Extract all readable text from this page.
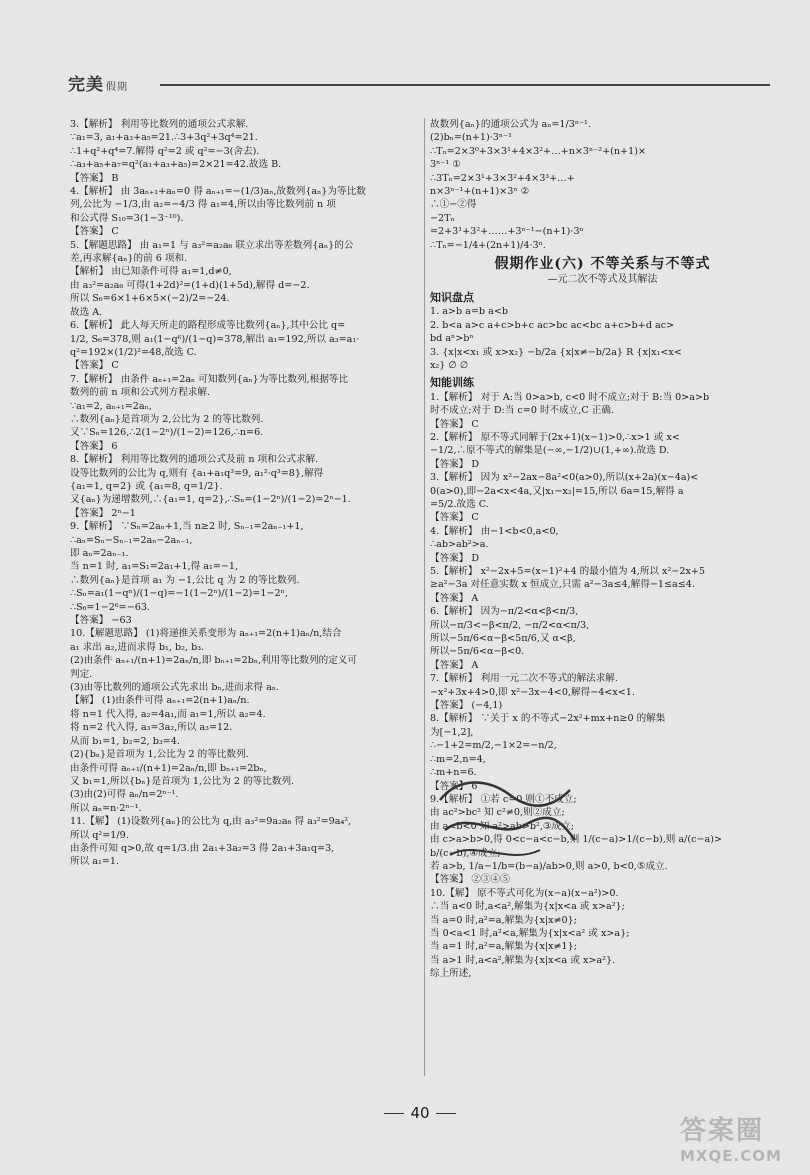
完美 假期

3.【解析】 利用等比数列的通项公式求解.

∵a₁=3, a₁+a₃+a₅=21.∴3+3q²+3q⁴=21.

∴1+q²+q⁴=7.解得 q²=2 或 q²=−3(舍去).

∴a₃+a₅+a₇=q²(a₁+a₃+a₅)=2×21=42.故选 B.

【答案】 B

4.【解析】 由 3aₙ₊₁+aₙ=0 得 aₙ₊₁=−(1/3)aₙ,故数列{aₙ}为等比数

列,公比为 −1/3,由 a₂=−4/3 得 a₁=4,所以由等比数列前 n 项

和公式得 S₁₀=3(1−3⁻¹⁰).

【答案】 C

5.【解题思路】 由 a₁=1 与 a₃²=a₂a₆ 联立求出等差数列{aₙ}的公

差,再求解{aₙ}的前 6 项和.

【解析】 由已知条件可得 a₁=1,d≠0,

由 a₃²=a₂a₆ 可得(1+2d)²=(1+d)(1+5d),解得 d=−2.

所以 S₆=6×1+6×5×(−2)/2=−24.

故选 A.

6.【解析】 此人每天所走的路程形成等比数列{aₙ},其中公比 q=

1/2, S₆=378,则 a₁(1−q⁶)/(1−q)=378,解出 a₁=192,所以 a₃=a₁·

q²=192×(1/2)²=48,故选 C.

【答案】 C

7.【解析】 由条件 aₙ₊₁=2aₙ 可知数列{aₙ}为等比数列,根据等比

数列的前 n 项和公式列方程求解.

∵a₁=2, aₙ₊₁=2aₙ,

∴数列{aₙ}是首项为 2,公比为 2 的等比数列.

又∵Sₙ=126,∴2(1−2ⁿ)/(1−2)=126,∴n=6.

【答案】 6

8.【解析】 利用等比数列的通项公式及前 n 项和公式求解.

设等比数列的公比为 q,则有 {a₁+a₁q³=9, a₁²·q³=8},解得

{a₁=1, q=2} 或 {a₁=8, q=1/2}.

又{aₙ}为递增数列,∴{a₁=1, q=2},∴Sₙ=(1−2ⁿ)/(1−2)=2ⁿ−1.

【答案】 2ⁿ−1

9.【解析】 ∵Sₙ=2aₙ+1,当 n≥2 时, Sₙ₋₁=2aₙ₋₁+1,

∴aₙ=Sₙ−Sₙ₋₁=2aₙ−2aₙ₋₁,

即 aₙ=2aₙ₋₁.

当 n=1 时, a₁=S₁=2a₁+1,得 a₁=−1,

∴数列{aₙ}是首项 a₁ 为 −1,公比 q 为 2 的等比数列.

∴Sₙ=a₁(1−qⁿ)/(1−q)=−1(1−2ⁿ)/(1−2)=1−2ⁿ,

∴S₆=1−2⁶=−63.

【答案】 −63

10.【解题思路】 (1)将递推关系变形为 aₙ₊₁=2(n+1)aₙ/n,结合

a₁ 求出 a₂,进而求得 b₁, b₂, b₃.

(2)由条件 aₙ₊₁/(n+1)=2aₙ/n,即 bₙ₊₁=2bₙ,利用等比数列的定义可

判定.

(3)由等比数列的通项公式先求出 bₙ,进而求得 aₙ.

【解】 (1)由条件可得 aₙ₊₁=2(n+1)aₙ/n.

将 n=1 代入得, a₂=4a₁,而 a₁=1,所以 a₂=4.

将 n=2 代入得, a₃=3a₂,所以 a₃=12.

从而 b₁=1, b₂=2, b₃=4.

(2){bₙ}是首项为 1,公比为 2 的等比数列.

由条件可得 aₙ₊₁/(n+1)=2aₙ/n,即 bₙ₊₁=2bₙ,

又 b₁=1,所以{bₙ}是首项为 1,公比为 2 的等比数列.

(3)由(2)可得 aₙ/n=2ⁿ⁻¹.

所以 aₙ=n·2ⁿ⁻¹.

11.【解】 (1)设数列{aₙ}的公比为 q,由 a₃²=9a₂a₆ 得 a₃²=9a₄²,

所以 q²=1/9.

由条件可知 q>0,故 q=1/3.由 2a₁+3a₂=3 得 2a₁+3a₁q=3,

所以 a₁=1.

故数列{aₙ}的通项公式为 aₙ=1/3ⁿ⁻¹.

(2)bₙ=(n+1)·3ⁿ⁻¹

∴Tₙ=2×3⁰+3×3¹+4×3²+…+n×3ⁿ⁻²+(n+1)×

3ⁿ⁻¹ ①

∴3Tₙ=2×3¹+3×3²+4×3³+…+

n×3ⁿ⁻¹+(n+1)×3ⁿ ②

∴①−②得

−2Tₙ

=2+3¹+3²+……+3ⁿ⁻¹−(n+1)·3ⁿ

∴Tₙ=−1/4+(2n+1)/4·3ⁿ.

假期作业(六) 不等关系与不等式
—元二次不等式及其解法
知识盘点

1. a>b a=b a<b

2. b<a a>c a+c>b+c ac>bc ac<bc a+c>b+d ac>

bd aⁿ>bⁿ

3. {x|x<x₁ 或 x>x₂} −b/2a {x|x≠−b/2a} R {x|x₁<x<

x₂} ∅ ∅

知能训练

1.【解析】 对于 A:当 0>a>b, c<0 时不成立;对于 B:当 0>a>b

时不成立;对于 D:当 c=0 时不成立,C 正确.

【答案】 C

2.【解析】 原不等式同解于(2x+1)(x−1)>0,∴x>1 或 x<

−1/2,∴原不等式的解集是(−∞,−1/2)∪(1,+∞).故选 D.

【答案】 D

3.【解析】 因为 x²−2ax−8a²<0(a>0),所以(x+2a)(x−4a)<

0(a>0),即−2a<x<4a,又|x₁−x₂|=15,所以 6a=15,解得 a

=5/2.故选 C.

【答案】 C

4.【解析】 由−1<b<0,a<0,

∴ab>ab²>a.

【答案】 D

5.【解析】 x²−2x+5=(x−1)²+4 的最小值为 4,所以 x²−2x+5

≥a²−3a 对任意实数 x 恒成立,只需 a²−3a≤4,解得−1≤a≤4.

【答案】 A

6.【解析】 因为−π/2<α<β<π/3,

所以−π/3<−β<π/2, −π/2<α<π/3,

所以−5π/6<α−β<5π/6,又 α<β,

所以−5π/6<α−β<0.

【答案】 A

7.【解析】 利用一元二次不等式的解法求解.

−x²+3x+4>0,即 x²−3x−4<0,解得−4<x<1.

【答案】 (−4,1)

8.【解析】 ∵关于 x 的不等式−2x²+mx+n≥0 的解集

为[−1,2],

∴−1+2=m/2,−1×2=−n/2,

∴m=2,n=4,

∴m+n=6.

【答案】 6

9.【解析】 ①若 c=0,则①不成立;

由 ac²>bc² 知 c²≠0,则②成立;

由 a<b<0 知 a²>ab>b²,③成立;

由 c>a>b>0,得 0<c−a<c−b,则 1/(c−a)>1/(c−b),则 a/(c−a)>

b/(c−b),④成立;

若 a>b, 1/a−1/b=(b−a)/ab>0,则 a>0, b<0,⑤成立.

【答案】 ②③④⑤

10.【解】 原不等式可化为(x−a)(x−a²)>0.

∴当 a<0 时,a<a²,解集为{x|x<a 或 x>a²};

当 a=0 时,a²=a,解集为{x|x≠0};

当 0<a<1 时,a²<a,解集为{x|x<a² 或 x>a};

当 a=1 时,a²=a,解集为{x|x≠1};

当 a>1 时,a<a²,解集为{x|x<a 或 x>a²}.

综上所述,

40
答案圈
MXQE.COM
